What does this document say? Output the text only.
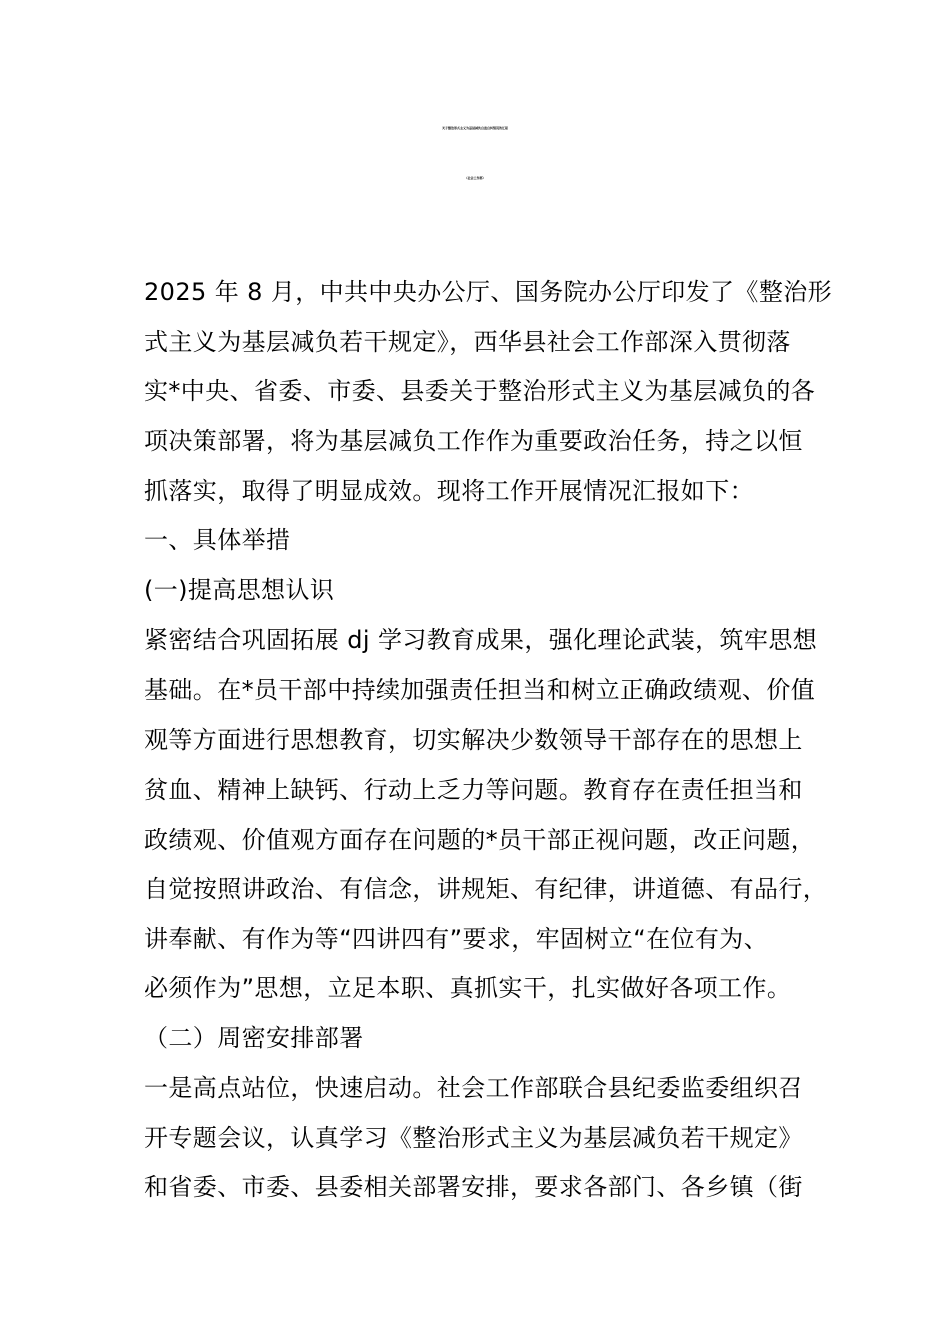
关于整治形式主义为基层减负自查自纠情况的汇报
（社会工作部）
2025 年 8 月，中共中央办公厅、国务院办公厅印发了《整治形
式主义为基层减负若干规定》，西华县社会工作部深入贯彻落
实*中央、省委、市委、县委关于整治形式主义为基层减负的各
项决策部署，将为基层减负工作作为重要政治任务，持之以恒
抓落实，取得了明显成效。现将工作开展情况汇报如下：
一、具体举措
(一)提高思想认识
紧密结合巩固拓展 dj 学习教育成果，强化理论武装，筑牢思想
基础。在*员干部中持续加强责任担当和树立正确政绩观、价值
观等方面进行思想教育，切实解决少数领导干部存在的思想上
贫血、精神上缺钙、行动上乏力等问题。教育存在责任担当和
政绩观、价值观方面存在问题的*员干部正视问题，改正问题，
自觉按照讲政治、有信念，讲规矩、有纪律，讲道德、有品行，
讲奉献、有作为等“四讲四有”要求，牢固树立“在位有为、
必须作为”思想，立足本职、真抓实干，扎实做好各项工作。
（二）周密安排部署
一是高点站位，快速启动。社会工作部联合县纪委监委组织召
开专题会议，认真学习《整治形式主义为基层减负若干规定》
和省委、市委、县委相关部署安排，要求各部门、各乡镇（街
